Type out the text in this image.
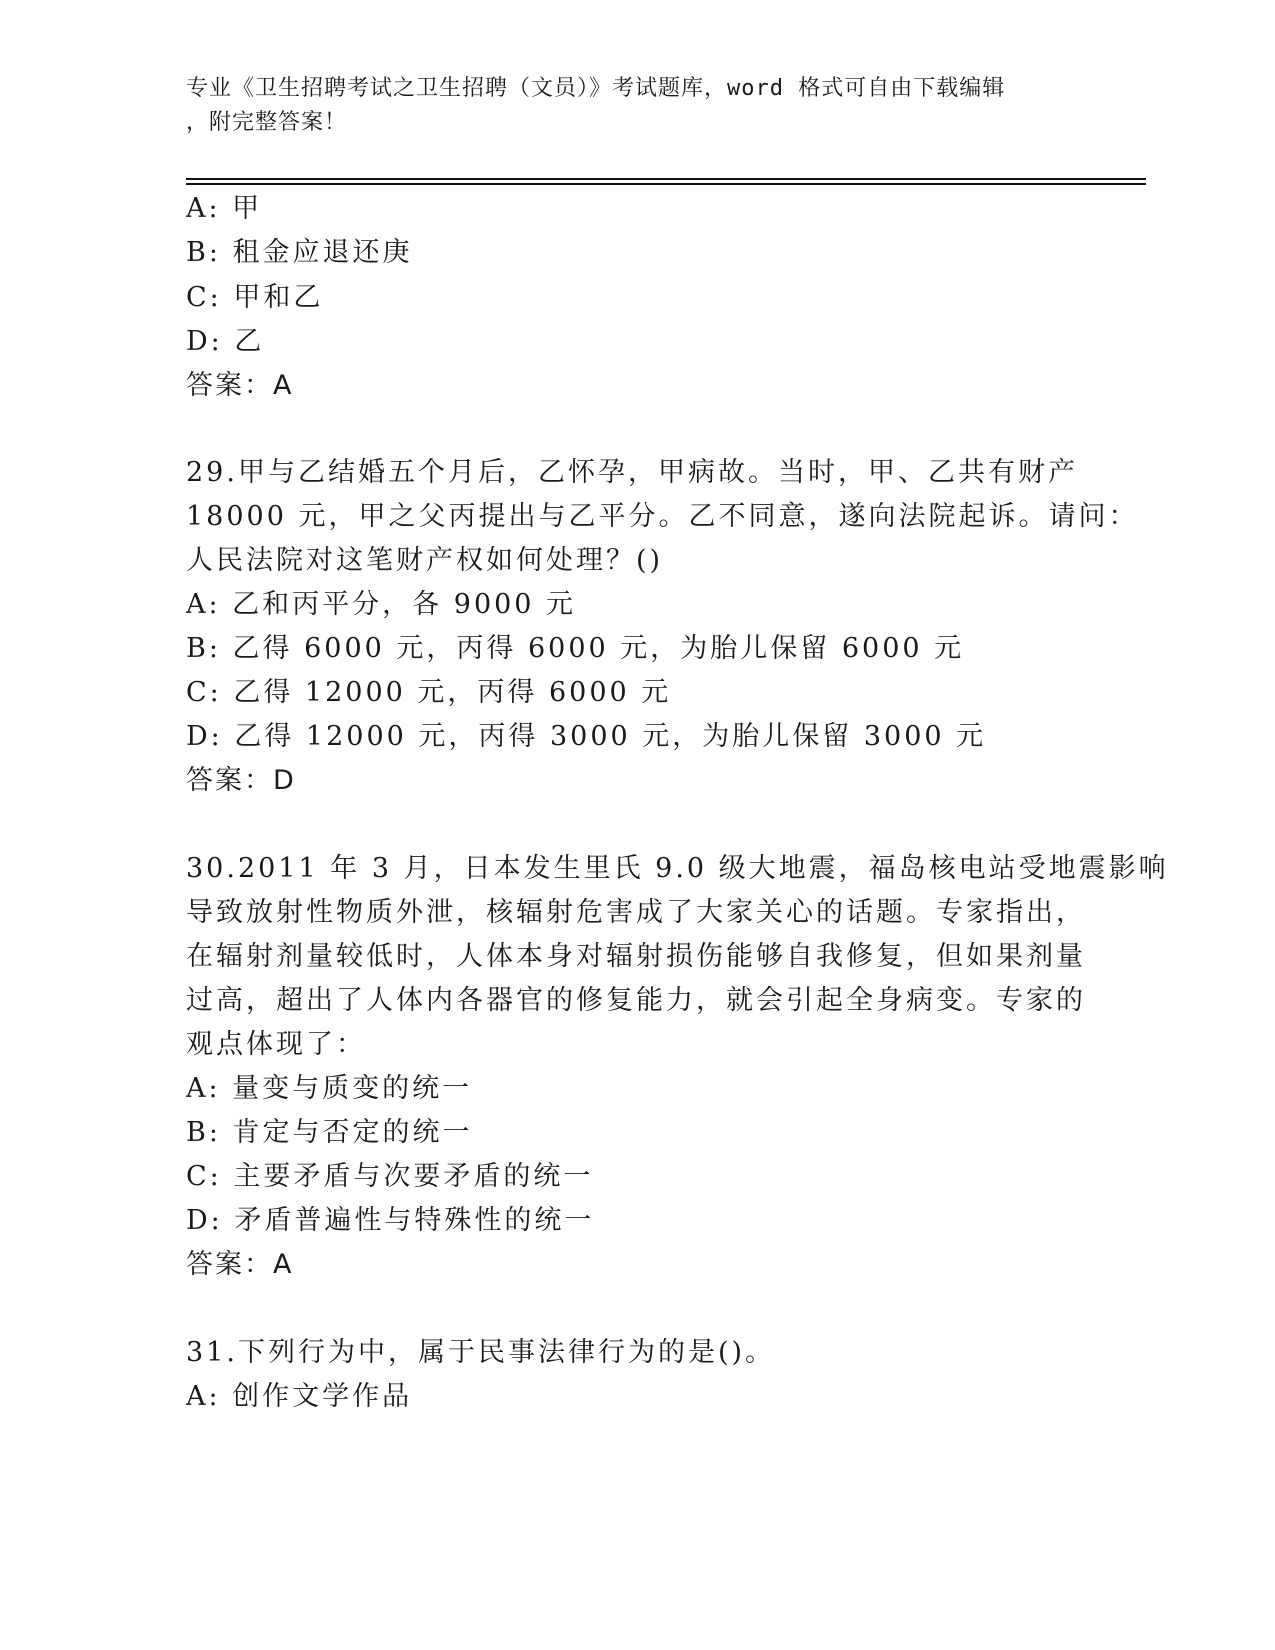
专业《卫生招聘考试之卫生招聘（文员）》考试题库，word 格式可自由下载编辑
，附完整答案！
A: 甲
B: 租金应退还庚
C: 甲和乙
D: 乙
答案：A
29.甲与乙结婚五个月后，乙怀孕，甲病故。当时，甲、乙共有财产
18000 元，甲之父丙提出与乙平分。乙不同意，遂向法院起诉。请问：
人民法院对这笔财产权如何处理？()
A: 乙和丙平分，各 9000 元
B: 乙得 6000 元，丙得 6000 元，为胎儿保留 6000 元
C: 乙得 12000 元，丙得 6000 元
D: 乙得 12000 元，丙得 3000 元，为胎儿保留 3000 元
答案：D
30.2011 年 3 月，日本发生里氏 9.0 级大地震，福岛核电站受地震影响
导致放射性物质外泄，核辐射危害成了大家关心的话题。专家指出，
在辐射剂量较低时，人体本身对辐射损伤能够自我修复，但如果剂量
过高，超出了人体内各器官的修复能力，就会引起全身病变。专家的
观点体现了：
A: 量变与质变的统一
B: 肯定与否定的统一
C: 主要矛盾与次要矛盾的统一
D: 矛盾普遍性与特殊性的统一
答案：A
31.下列行为中，属于民事法律行为的是()。
A: 创作文学作品
